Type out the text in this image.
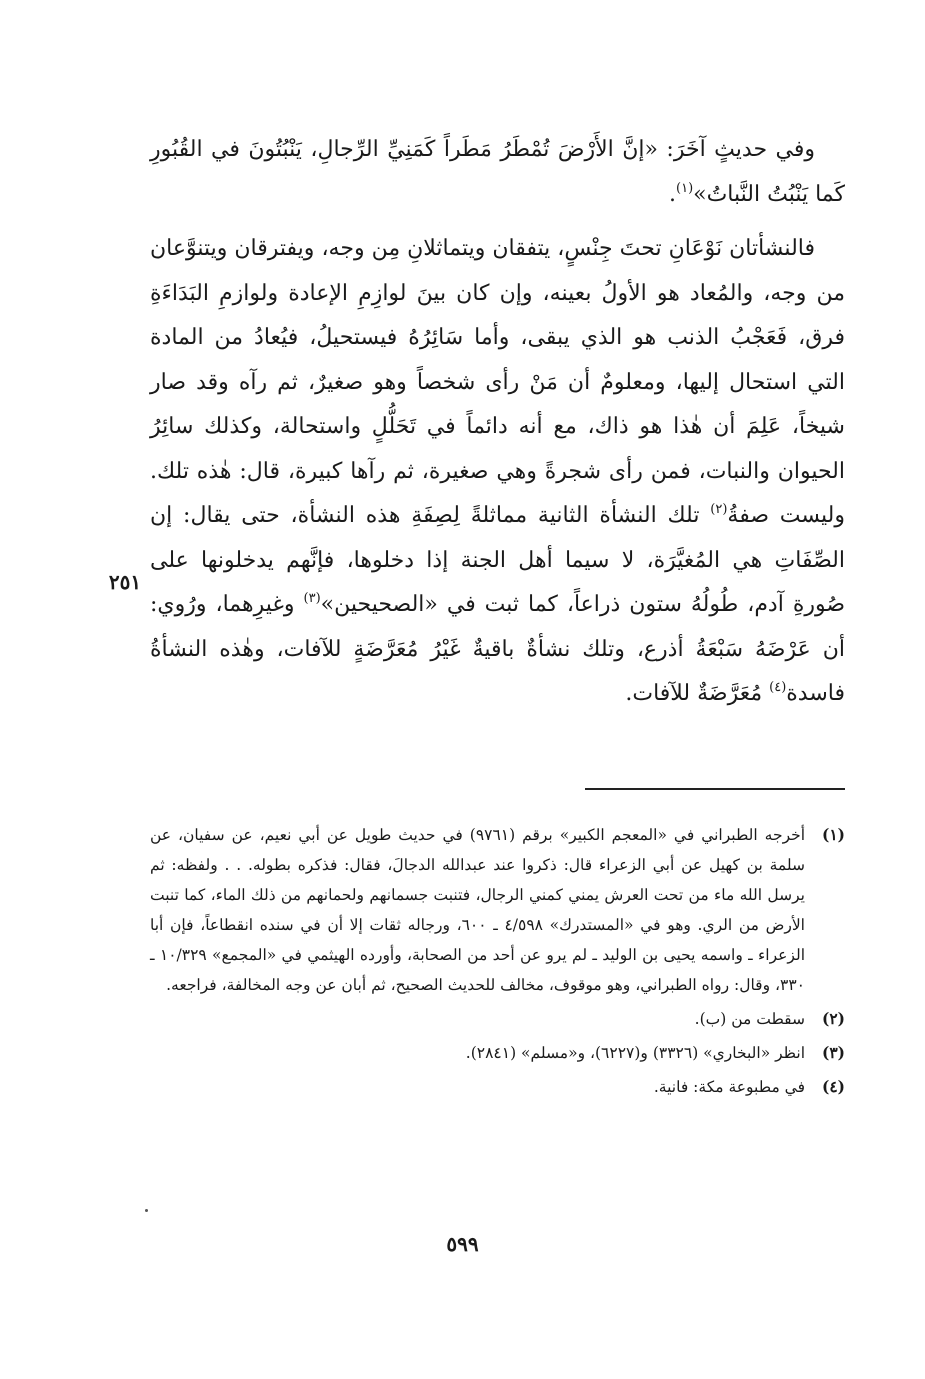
وفي حديثٍ آخَرَ: «إنَّ الأَرْضَ تُمْطَرُ مَطَراً كَمَنِيِّ الرِّجالِ، يَنْبُتُونَ في القُبُورِ كَما يَنْبُتُ النَّباتُ»$^{(١)}$.

فالنشأتان نَوْعَانِ تحتَ جِنْسٍ، يتفقان ويتماثلانِ مِن وجه، ويفترقان ويتنوَّعان من وجه، والمُعاد هو الأولُ بعينه، وإن كان بينَ لوازِمِ الإعادة ولوازمِ البَدَاءَةِ فرق، فَعَجْبُ الذنب هو الذي يبقى، وأما سَائِرُهُ فيستحيلُ، فيُعادُ من المادة التي استحال إليها، ومعلومٌ أن مَنْ رأى شخصاً وهو صغيرٌ، ثم رآه وقد صار شيخاً، عَلِمَ أن هٰذا هو ذاك، مع أنه دائماً في تَحَلُّلٍ واستحالة، وكذلك سائِرُ الحيوان والنبات، فمن رأى شجرةً وهي صغيرة، ثم رآها كبيرة، قال: هٰذه تلك. وليست صفةُ$^{(٢)}$ تلك النشأة الثانية مماثلةً لِصِفَةِ هذه النشأة، حتى يقال: إن الصِّفَاتِ هي المُغيَّرَة، لا سيما أهل الجنة إذا دخلوها، فإنَّهم يدخلونها على صُورةِ آدم، طُولُهُ ستون ذراعاً، كما ثبت في «الصحيحين»$^{(٣)}$ وغيرِهما، ورُوي: أن عَرْضَهُ سَبْعَةُ أذرع، وتلك نشأةٌ باقيةٌ غَيْرُ مُعَرَّضَةٍ للآفات، وهٰذه النشأةُ فاسدة$^{(٤)}$ مُعَرَّضَةٌ للآفات.

٢٥١
(١)
أخرجه الطبراني في «المعجم الكبير» برقم (٩٧٦١) في حديث طويل عن أبي نعيم، عن سفيان، عن سلمة بن كهيل عن أبي الزعراء قال: ذكروا عند عبدالله الدجالَ، فقال: فذكره بطوله. . . ولفظه: ثم يرسل الله ماء من تحت العرش يمني كمني الرجال، فتنبت جسمانهم ولحمانهم من ذلك الماء، كما تنبت الأرض من الري. وهو في «المستدرك» ٤/٥٩٨ ـ ٦٠٠، ورجاله ثقات إلا أن في سنده انقطاعاً، فإن أبا الزعراء ـ واسمه يحيى بن الوليد ـ لم يرو عن أحد من الصحابة، وأورده الهيثمي في «المجمع» ١٠/٣٢٩ ـ ٣٣٠، وقال: رواه الطبراني، وهو موقوف، مخالف للحديث الصحيح، ثم أبان عن وجه المخالفة، فراجعه.
(٢)
سقطت من (ب).
(٣)
انظر «البخاري» (٣٣٢٦) و(٦٢٢٧)، و«مسلم» (٢٨٤١).
(٤)
في مطبوعة مكة: فانية.
٥٩٩
